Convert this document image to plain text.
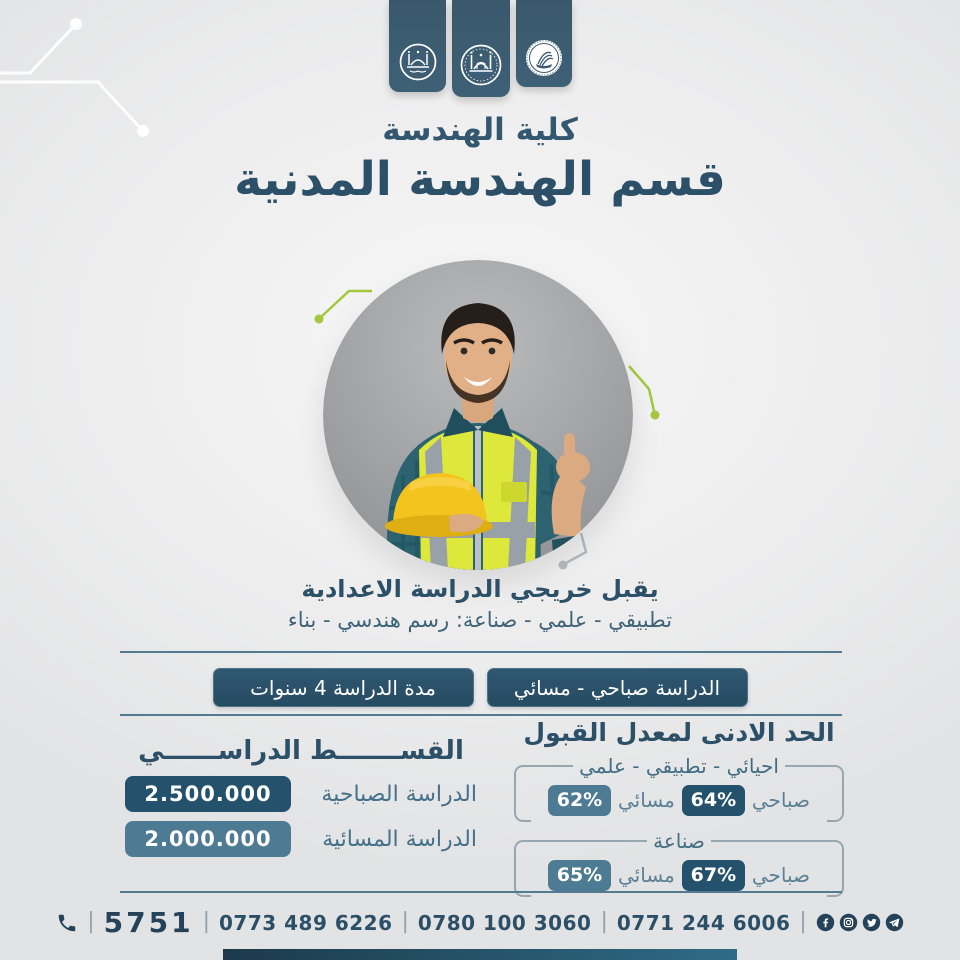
كلية الهندسة
قسم الهندسة المدنية
يقبل خريجي الدراسة الاعدادية
تطبيقي - علمي - صناعة: رسم هندسي - بناء
الدراسة صباحي - مسائي
مدة الدراسة 4 سنوات
الحد الادنى لمعدل القبول
احيائي - تطبيقي - علمي
صباحي
64%
مسائي
62%
صناعة
صباحي
67%
مسائي
65%
القســـــــط الدراســــــي
الدراسة الصباحية
2.500.000
الدراسة المسائية
2.000.000
| 5751 | 0773 489 6226 | 0780 100 3060 | 0771 244 6006 |
